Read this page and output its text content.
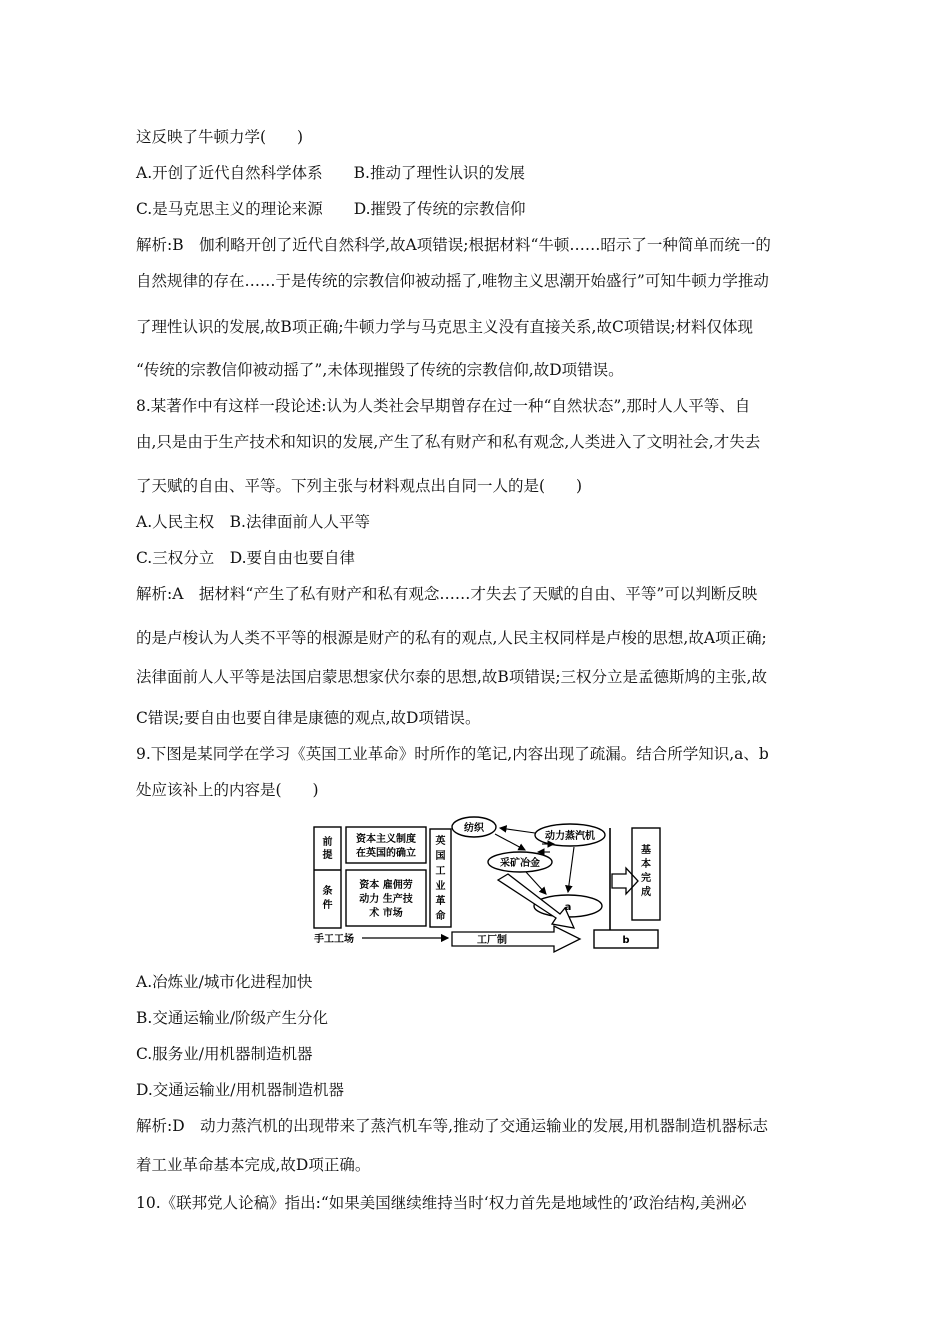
这反映了牛顿力学(　　)
A.开创了近代自然科学体系　　B.推动了理性认识的发展
C.是马克思主义的理论来源　　D.摧毁了传统的宗教信仰
解析:B　伽利略开创了近代自然科学,故A项错误;根据材料“牛顿……昭示了一种简单而统一的
自然规律的存在……于是传统的宗教信仰被动摇了,唯物主义思潮开始盛行”可知牛顿力学推动
了理性认识的发展,故B项正确;牛顿力学与马克思主义没有直接关系,故C项错误;材料仅体现
“传统的宗教信仰被动摇了”,未体现摧毁了传统的宗教信仰,故D项错误。
8.某著作中有这样一段论述:认为人类社会早期曾存在过一种“自然状态”,那时人人平等、自
由,只是由于生产技术和知识的发展,产生了私有财产和私有观念,人类进入了文明社会,才失去
了天赋的自由、平等。下列主张与材料观点出自同一人的是(　　)
A.人民主权　B.法律面前人人平等
C.三权分立　D.要自由也要自律
解析:A　据材料“产生了私有财产和私有观念……才失去了天赋的自由、平等”可以判断反映
的是卢梭认为人类不平等的根源是财产的私有的观点,人民主权同样是卢梭的思想,故A项正确;
法律面前人人平等是法国启蒙思想家伏尔泰的思想,故B项错误;三权分立是孟德斯鸠的主张,故
C错误;要自由也要自律是康德的观点,故D项错误。
9.下图是某同学在学习《英国工业革命》时所作的笔记,内容出现了疏漏。结合所学知识,a、b
处应该补上的内容是(　　)
前提
条件
资本主义制度
在英国的确立
资本 雇佣劳
动力 生产技
术 市场
英国工业革命
手工工场
纺织
动力蒸汽机
采矿冶金
a
工厂制	b
基本完成
A.冶炼业/城市化进程加快
B.交通运输业/阶级产生分化
C.服务业/用机器制造机器
D.交通运输业/用机器制造机器
解析:D　动力蒸汽机的出现带来了蒸汽机车等,推动了交通运输业的发展,用机器制造机器标志
着工业革命基本完成,故D项正确。
10.《联邦党人论稿》指出:“如果美国继续维持当时‘权力首先是地域性的’政治结构,美洲必
